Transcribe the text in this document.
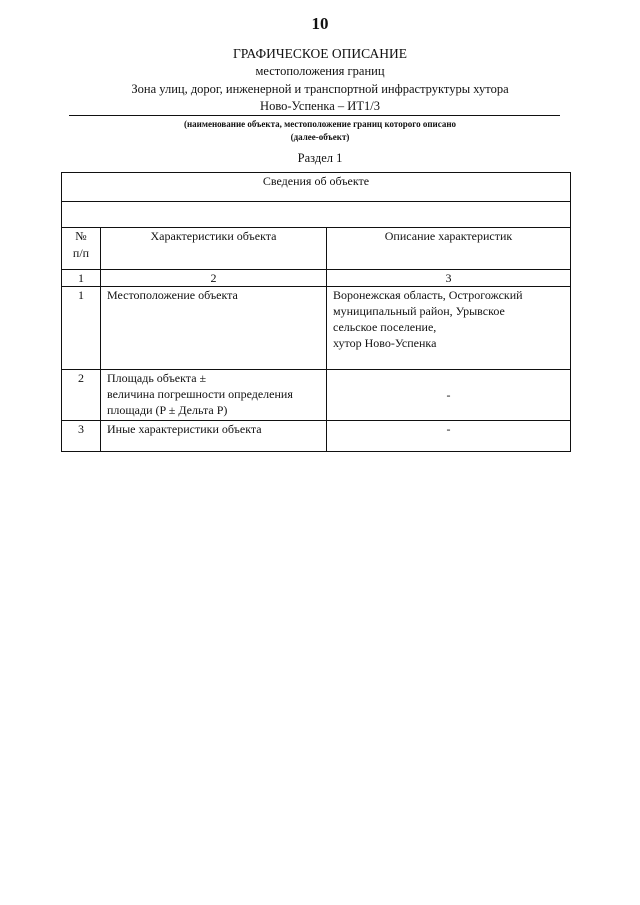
10
ГРАФИЧЕСКОЕ ОПИСАНИЕ
местоположения границ
Зона улиц, дорог, инженерной и транспортной инфраструктуры хутора
Ново-Успенка – ИТ1/3
(наименование объекта, местоположение границ которого описано
(далее-объект)
Раздел 1
Сведения об объекте		

№
п/п	Характеристики объекта	Описание характеристик
1	2	3
1	Местоположение объекта	Воронежская область, Острогожский
муниципальный район, Урывское
сельское поселение,
хутор Ново-Успенка

2	Площадь объекта ±
величина погрешности определения
площади (P ± Дельта P)	-
3	Иные характеристики объекта	-
